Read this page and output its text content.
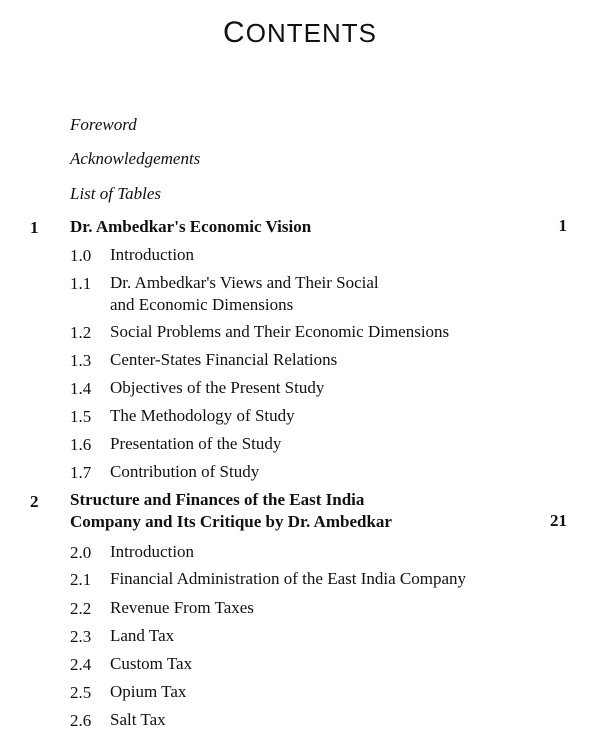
CONTENTS
Foreword
Acknowledgements
List of Tables
1 Dr. Ambedkar's Economic Vision	1
1.0 Introduction
1.1 Dr. Ambedkar's Views and Their Social
and Economic Dimensions
1.2 Social Problems and Their Economic Dimensions
1.3 Center-States Financial Relations
1.4 Objectives of the Present Study
1.5 The Methodology of Study
1.6 Presentation of the Study
1.7 Contribution of Study
2 Structure and Finances of the East India
Company and Its Critique by Dr. Ambedkar	21
2.0 Introduction
2.1 Financial Administration of the East India Company
2.2 Revenue From Taxes
2.3 Land Tax
2.4 Custom Tax
2.5 Opium Tax
2.6 Salt Tax
